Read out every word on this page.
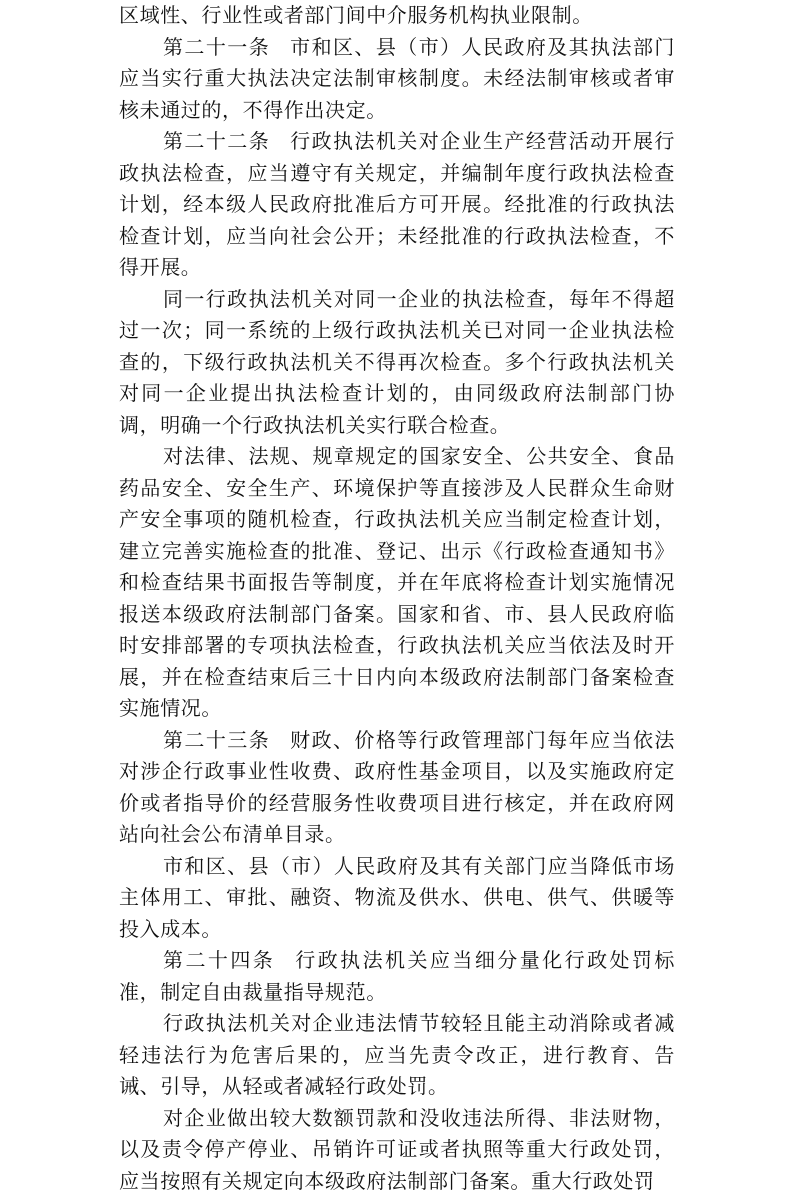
区域性、行业性或者部门间中介服务机构执业限制。

第二十一条 市和区、县（市）人民政府及其执法部门应当实行重大执法决定法制审核制度。未经法制审核或者审核未通过的，不得作出决定。

第二十二条 行政执法机关对企业生产经营活动开展行政执法检查，应当遵守有关规定，并编制年度行政执法检查计划，经本级人民政府批准后方可开展。经批准的行政执法检查计划，应当向社会公开；未经批准的行政执法检查，不得开展。

同一行政执法机关对同一企业的执法检查，每年不得超过一次；同一系统的上级行政执法机关已对同一企业执法检查的，下级行政执法机关不得再次检查。多个行政执法机关对同一企业提出执法检查计划的，由同级政府法制部门协调，明确一个行政执法机关实行联合检查。

对法律、法规、规章规定的国家安全、公共安全、食品药品安全、安全生产、环境保护等直接涉及人民群众生命财产安全事项的随机检查，行政执法机关应当制定检查计划，建立完善实施检查的批准、登记、出示《行政检查通知书》和检查结果书面报告等制度，并在年底将检查计划实施情况报送本级政府法制部门备案。国家和省、市、县人民政府临时安排部署的专项执法检查，行政执法机关应当依法及时开展，并在检查结束后三十日内向本级政府法制部门备案检查实施情况。

第二十三条 财政、价格等行政管理部门每年应当依法对涉企行政事业性收费、政府性基金项目，以及实施政府定价或者指导价的经营服务性收费项目进行核定，并在政府网站向社会公布清单目录。

市和区、县（市）人民政府及其有关部门应当降低市场主体用工、审批、融资、物流及供水、供电、供气、供暖等投入成本。

第二十四条 行政执法机关应当细分量化行政处罚标准，制定自由裁量指导规范。

行政执法机关对企业违法情节较轻且能主动消除或者减轻违法行为危害后果的，应当先责令改正，进行教育、告诫、引导，从轻或者减轻行政处罚。

对企业做出较大数额罚款和没收违法所得、非法财物，以及责令停产停业、吊销许可证或者执照等重大行政处罚，应当按照有关规定向本级政府法制部门备案。重大行政处罚
